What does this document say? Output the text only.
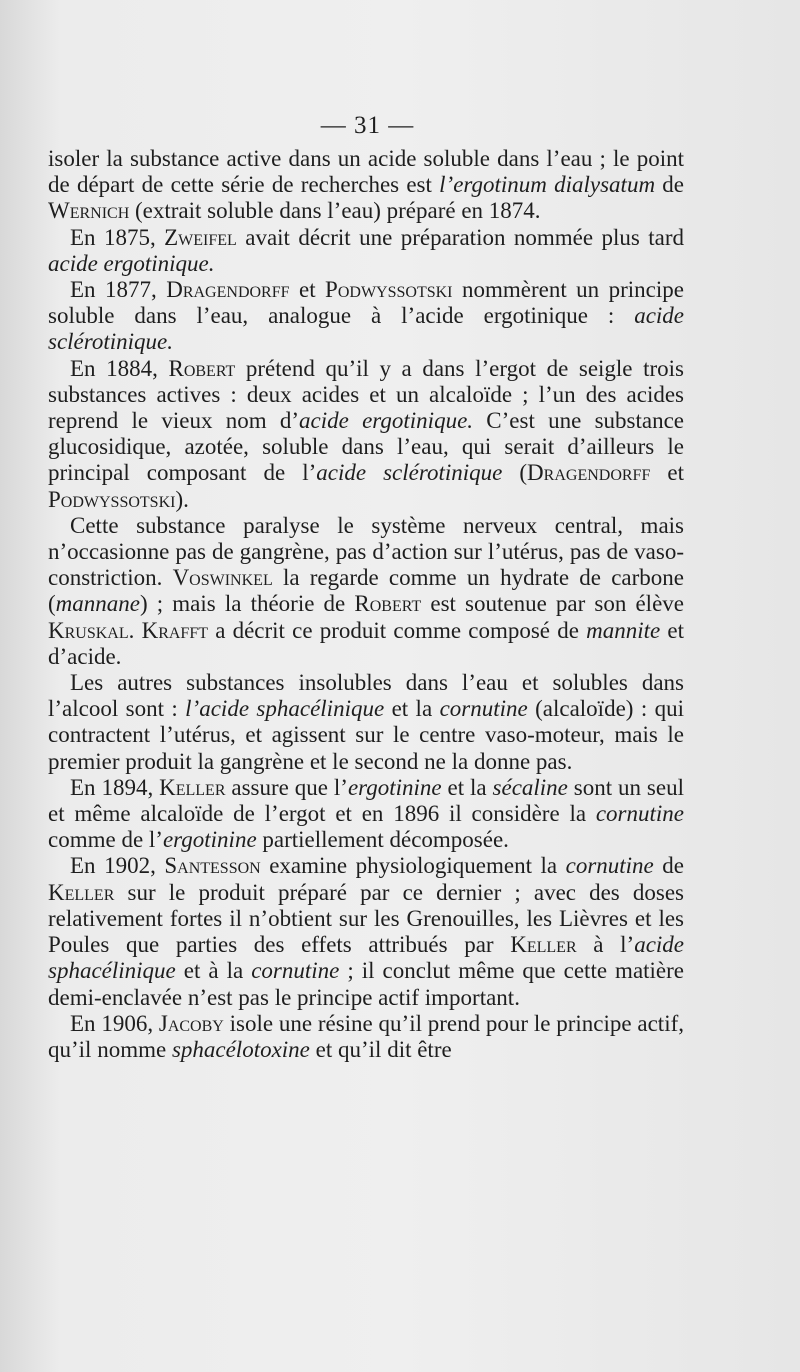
— 31 —

isoler la substance active dans un acide soluble dans l’eau ; le point de départ de cette série de recherches est l’ergotinum dialysatum de Wernich (extrait soluble dans l’eau) préparé en 1874.

En 1875, Zweifel avait décrit une préparation nommée plus tard acide ergotinique.

En 1877, Dragendorff et Podwyssotski nommèrent un principe soluble dans l’eau, analogue à l’acide ergotinique : acide sclérotinique.

En 1884, Robert prétend qu’il y a dans l’ergot de seigle trois substances actives : deux acides et un alcaloïde ; l’un des acides reprend le vieux nom d’acide ergotinique. C’est une substance glucosidique, azotée, soluble dans l’eau, qui serait d’ailleurs le principal composant de l’acide sclérotinique (Dragendorff et Podwyssotski).

Cette substance paralyse le système nerveux central, mais n’occasionne pas de gangrène, pas d’action sur l’utérus, pas de vaso-constriction. Voswinkel la regarde comme un hydrate de carbone (mannane) ; mais la théorie de Robert est soutenue par son élève Kruskal. Krafft a décrit ce produit comme composé de mannite et d’acide.

Les autres substances insolubles dans l’eau et solubles dans l’alcool sont : l’acide sphacélinique et la cornutine (alcaloïde) : qui contractent l’utérus, et agissent sur le centre vaso-moteur, mais le premier produit la gangrène et le second ne la donne pas.

En 1894, Keller assure que l’ergotinine et la sécaline sont un seul et même alcaloïde de l’ergot et en 1896 il considère la cornutine comme de l’ergotinine partiellement décomposée.

En 1902, Santesson examine physiologiquement la cornutine de Keller sur le produit préparé par ce dernier ; avec des doses relativement fortes il n’obtient sur les Grenouilles, les Lièvres et les Poules que parties des effets attribués par Keller à l’acide sphacélinique et à la cornutine ; il conclut même que cette matière demi-enclavée n’est pas le principe actif important.

En 1906, Jacoby isole une résine qu’il prend pour le principe actif, qu’il nomme sphacélotoxine et qu’il dit être
